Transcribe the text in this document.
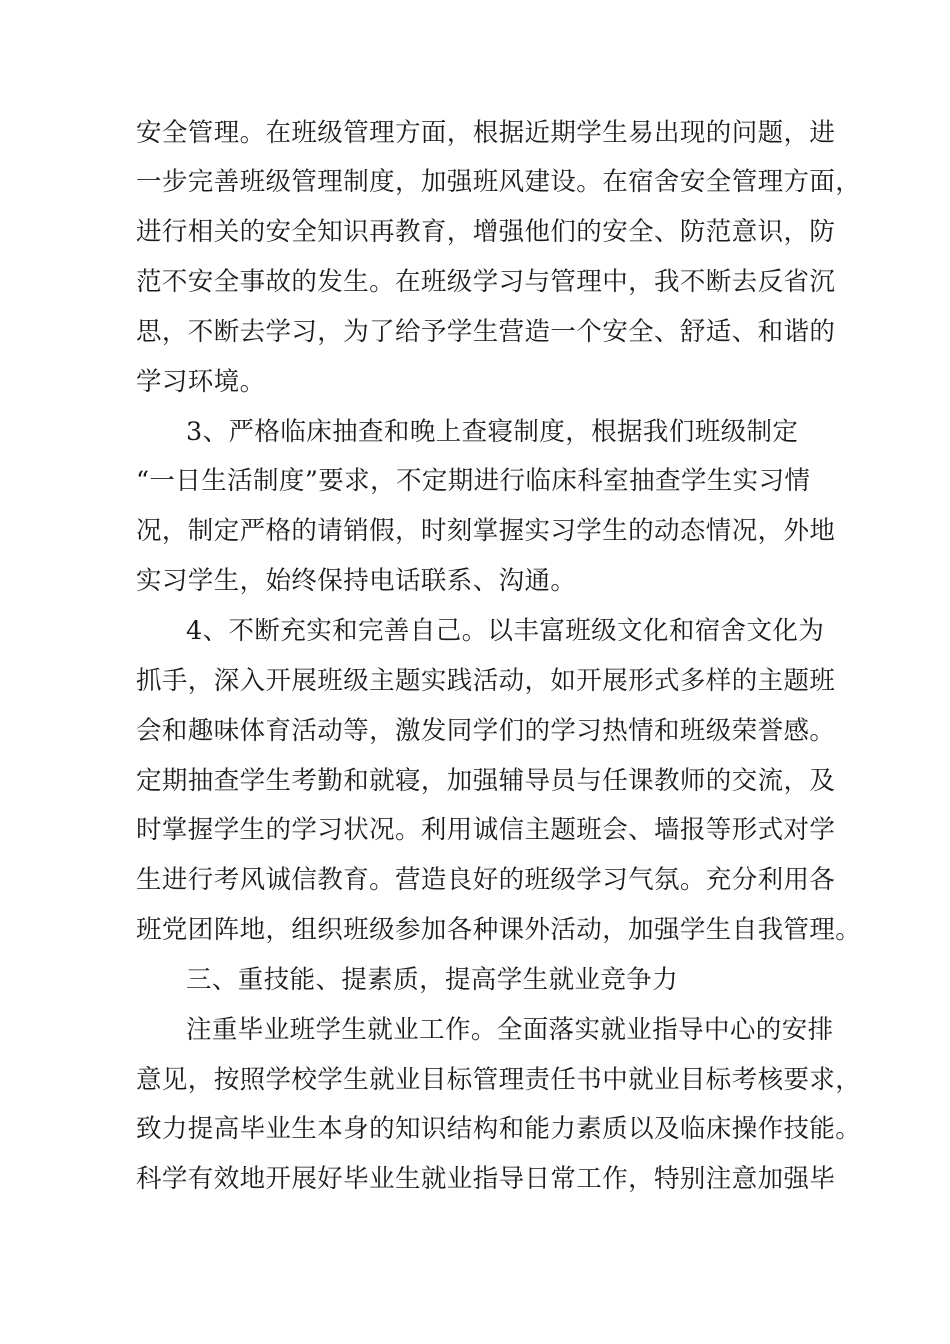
安全管理。在班级管理方面，根据近期学生易出现的问题，进
一步完善班级管理制度，加强班风建设。在宿舍安全管理方面，
进行相关的安全知识再教育，增强他们的安全、防范意识，防
范不安全事故的发生。在班级学习与管理中，我不断去反省沉
思，不断去学习，为了给予学生营造一个安全、舒适、和谐的
学习环境。
3、严格临床抽查和晚上查寝制度，根据我们班级制定
“一日生活制度”要求，不定期进行临床科室抽查学生实习情
况，制定严格的请销假，时刻掌握实习学生的动态情况，外地
实习学生，始终保持电话联系、沟通。
4、不断充实和完善自己。以丰富班级文化和宿舍文化为
抓手，深入开展班级主题实践活动，如开展形式多样的主题班
会和趣味体育活动等，激发同学们的学习热情和班级荣誉感。
定期抽查学生考勤和就寝，加强辅导员与任课教师的交流，及
时掌握学生的学习状况。利用诚信主题班会、墙报等形式对学
生进行考风诚信教育。营造良好的班级学习气氛。充分利用各
班党团阵地，组织班级参加各种课外活动，加强学生自我管理。
三、重技能、提素质，提高学生就业竞争力
注重毕业班学生就业工作。全面落实就业指导中心的安排
意见，按照学校学生就业目标管理责任书中就业目标考核要求，
致力提高毕业生本身的知识结构和能力素质以及临床操作技能。
科学有效地开展好毕业生就业指导日常工作，特别注意加强毕
